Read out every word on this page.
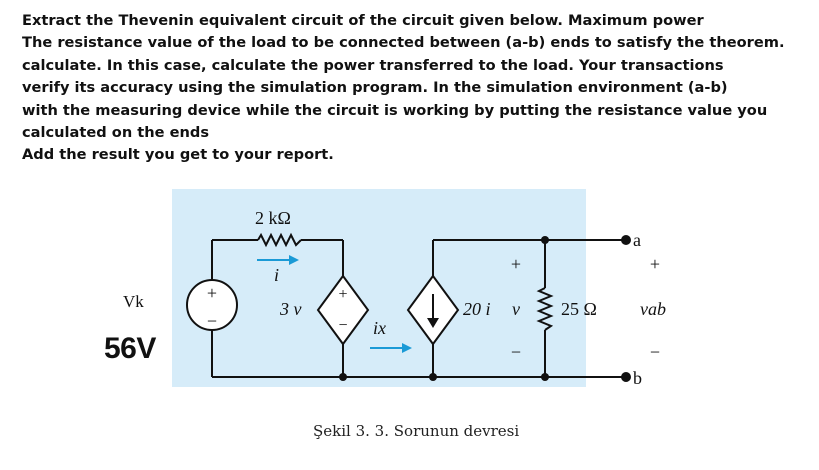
Extract the Thevenin equivalent circuit of the circuit given below. Maximum power
The resistance value of the load to be connected between (a-b) ends to satisfy the theorem.
calculate. In this case, calculate the power transferred to the load. Your transactions
verify its accuracy using the simulation program. In the simulation environment (a-b)
with the measuring device while the circuit is working by putting the resistance value you
calculated on the ends
Add the result you get to your report.
+
−
+
−
2 kΩ
i
3 v
ix
20 i v
+
−
25 Ω vab
+
−
a
b
Vk
56V
Şekil 3. 3. Sorunun devresi
